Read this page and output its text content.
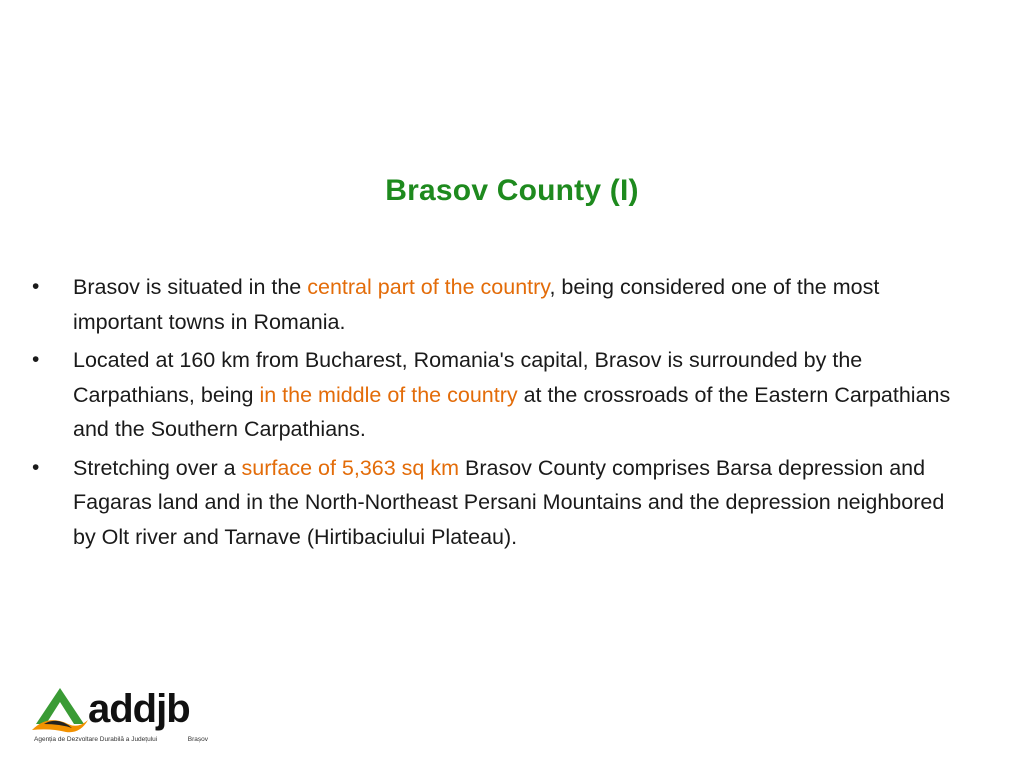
Brasov County (I)
•	Brasov is situated in the central part of the country, being considered one of the most important towns in Romania.
•	Located at 160 km from Bucharest, Romania's capital, Brasov is surrounded by the Carpathians, being in the middle of the country at the crossroads of the Eastern Carpathians and the Southern Carpathians.
•	Stretching over a surface of 5,363 sq km Brasov County comprises Barsa depression and Fagaras land and in the North-Northeast Persani Mountains and the depression neighbored by Olt river and Tarnave (Hirtibaciului Plateau).
addjb
Agenția de Dezvoltare Durabilă a Județului	Brașov
